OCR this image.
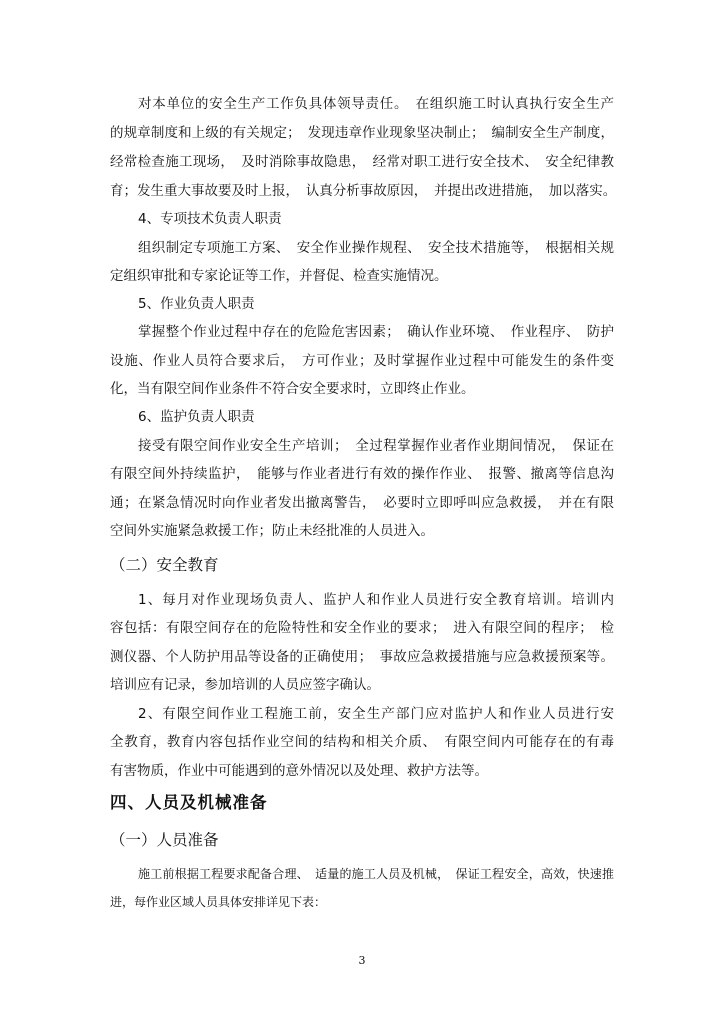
对本单位的安全生产工作负具体领导责任。　在组织施工时认真执行安全生产
的规章制度和上级的有关规定；　发现违章作业现象坚决制止；　编制安全生产制度，
经常检查施工现场，　及时消除事故隐患，　经常对职工进行安全技术、　安全纪律教
育；发生重大事故要及时上报，　认真分析事故原因，　并提出改进措施，　加以落实。
4、专项技术负责人职责
组织制定专项施工方案、　安全作业操作规程、　安全技术措施等，　根据相关规
定组织审批和专家论证等工作，并督促、检查实施情况。
5、作业负责人职责
掌握整个作业过程中存在的危险危害因素；　确认作业环境、　作业程序、　防护
设施、作业人员符合要求后，　方可作业；及时掌握作业过程中可能发生的条件变
化，当有限空间作业条件不符合安全要求时，立即终止作业。
6、监护负责人职责
接受有限空间作业安全生产培训；　全过程掌握作业者作业期间情况，　保证在
有限空间外持续监护，　能够与作业者进行有效的操作作业、　报警、撤离等信息沟
通；在紧急情况时向作业者发出撤离警告，　必要时立即呼叫应急救援，　并在有限
空间外实施紧急救援工作；防止未经批准的人员进入。
（二）安全教育
1、每月对作业现场负责人、监护人和作业人员进行安全教育培训。培训内
容包括：有限空间存在的危险特性和安全作业的要求；　进入有限空间的程序；　检
测仪器、个人防护用品等设备的正确使用；　事故应急救援措施与应急救援预案等。
培训应有记录，参加培训的人员应签字确认。
2、有限空间作业工程施工前，安全生产部门应对监护人和作业人员进行安
全教育，教育内容包括作业空间的结构和相关介质、　有限空间内可能存在的有毒
有害物质，作业中可能遇到的意外情况以及处理、救护方法等。
四、人员及机械准备
（一）人员准备
施工前根据工程要求配备合理、　适量的施工人员及机械，　保证工程安全，高效，快速推
进，每作业区域人员具体安排详见下表：
3
